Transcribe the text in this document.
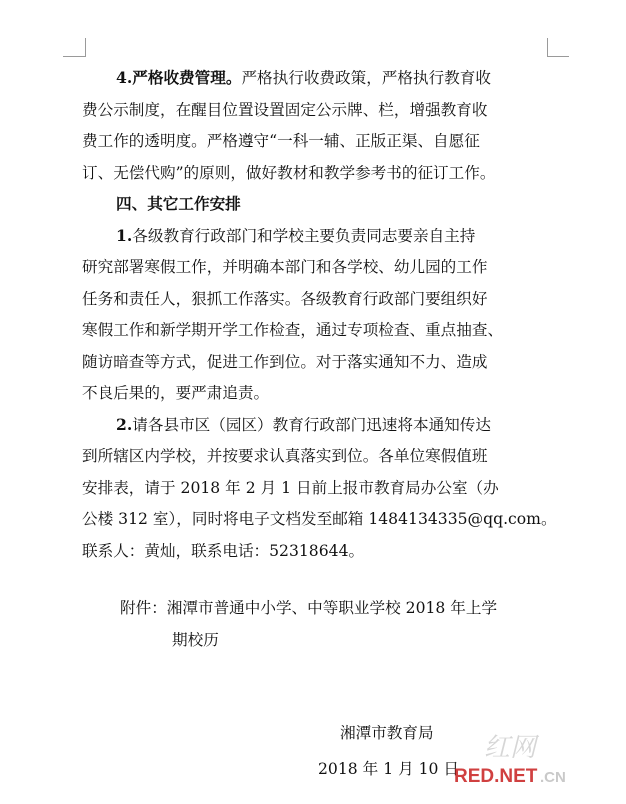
4.严格收费管理。严格执行收费政策，严格执行教育收
费公示制度，在醒目位置设置固定公示牌、栏，增强教育收
费工作的透明度。严格遵守“一科一辅、正版正渠、自愿征
订、无偿代购”的原则，做好教材和教学参考书的征订工作。
四、其它工作安排
1.各级教育行政部门和学校主要负责同志要亲自主持
研究部署寒假工作，并明确本部门和各学校、幼儿园的工作
任务和责任人，狠抓工作落实。各级教育行政部门要组织好
寒假工作和新学期开学工作检查，通过专项检查、重点抽查、
随访暗查等方式，促进工作到位。对于落实通知不力、造成
不良后果的，要严肃追责。
2.请各县市区（园区）教育行政部门迅速将本通知传达
到所辖区内学校，并按要求认真落实到位。各单位寒假值班
安排表，请于 2018 年 2 月 1 日前上报市教育局办公室（办
公楼 312 室），同时将电子文档发至邮箱 1484134335@qq.com。
联系人：黄灿，联系电话：52318644。
附件：湘潭市普通中小学、中等职业学校 2018 年上学
期校历
湘潭市教育局
2018 年 1 月 10 日
红网
RED.NET .CN
